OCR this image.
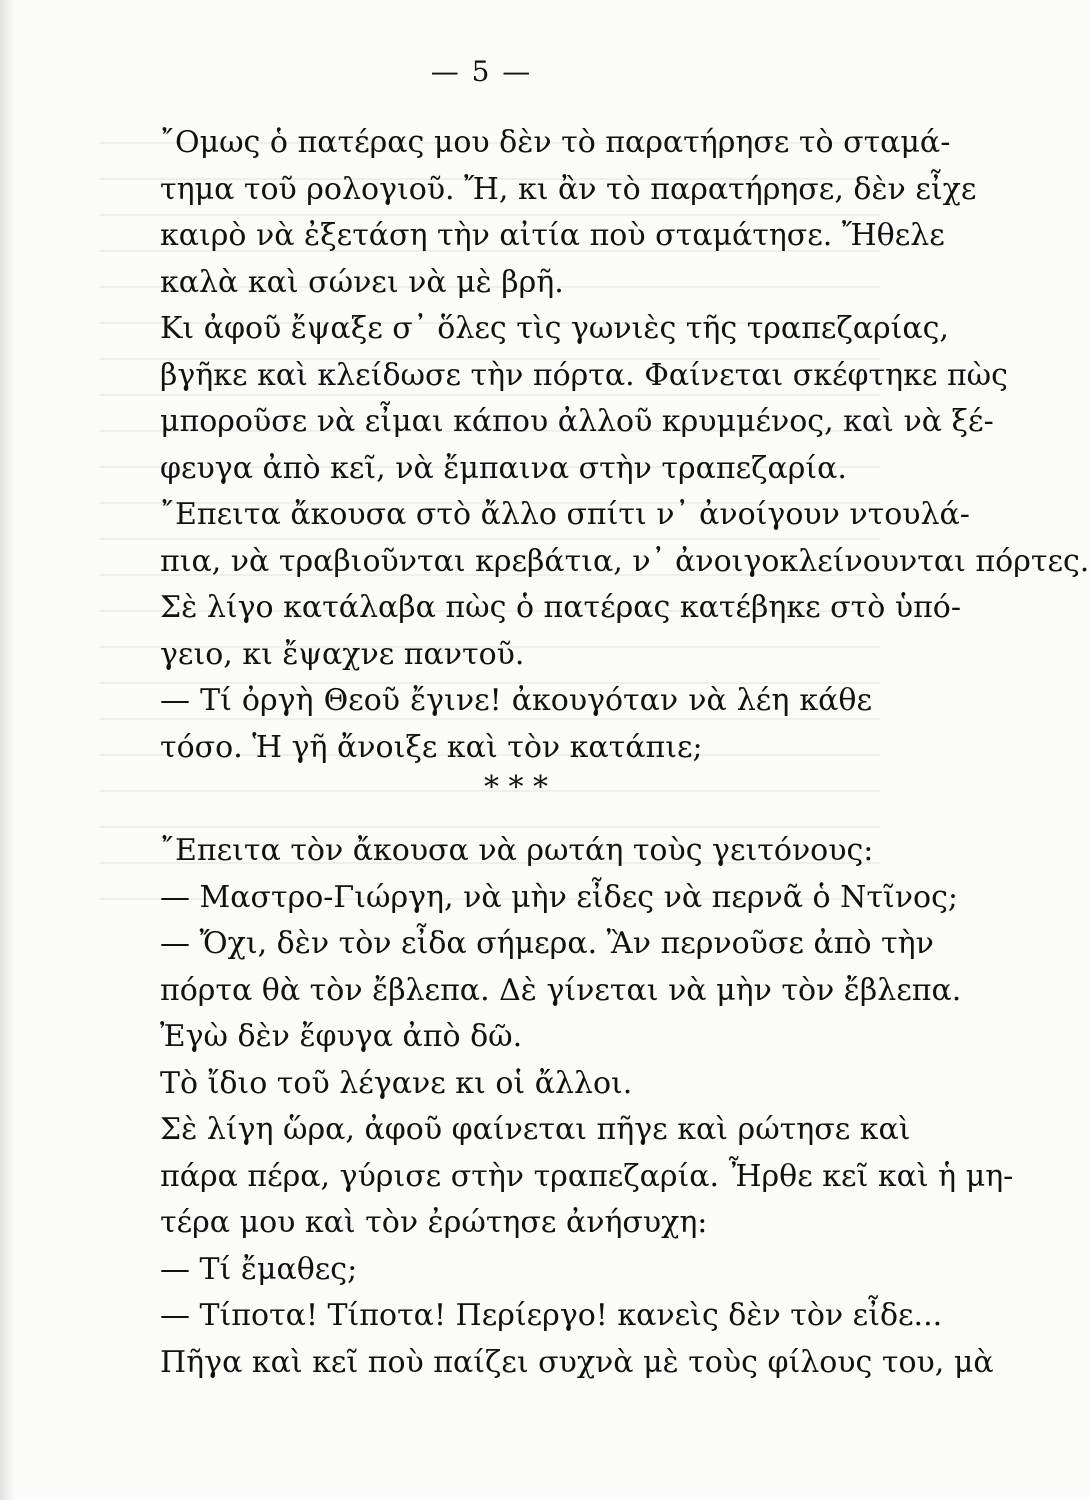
— 5 —
῎Ομως ὁ πατέρας μου δὲν τὸ παρατήρησε τὸ σταμά-
τημα τοῦ ρολογιοῦ. Ἤ, κι ἂν τὸ παρατήρησε, δὲν εἶχε
καιρὸ νὰ ἐξετάση τὴν αἰτία ποὺ σταμάτησε. Ἤθελε
καλὰ καὶ σώνει νὰ μὲ βρῆ.
Κι ἀφοῦ ἔψαξε σ᾿ ὅλες τὶς γωνιὲς τῆς τραπεζαρίας,
βγῆκε καὶ κλείδωσε τὴν πόρτα. Φαίνεται σκέφτηκε πὼς
μποροῦσε νὰ εἶμαι κάπου ἀλλοῦ κρυμμένος, καὶ νὰ ξέ-
φευγα ἀπὸ κεῖ, νὰ ἔμπαινα στὴν τραπεζαρία.
῎Επειτα ἄκουσα στὸ ἄλλο σπίτι ν᾿ ἀνοίγουν ντουλά-
πια, νὰ τραβιοῦνται κρεβάτια, ν᾿ ἀνοιγοκλείνουνται πόρτες.
Σὲ λίγο κατάλαβα πὼς ὁ πατέρας κατέβηκε στὸ ὑπό-
γειο, κι ἔψαχνε παντοῦ.
— Τί ὀργὴ Θεοῦ ἔγινε! ἀκουγόταν νὰ λέη κάθε
τόσο. Ἡ γῆ ἄνοιξε καὶ τὸν κατάπιε;
* * *
῎Επειτα τὸν ἄκουσα νὰ ρωτάη τοὺς γειτόνους:
— Μαστρο-Γιώργη, νὰ μὴν εἶδες νὰ περνᾶ ὁ Ντῖνος;
— Ὄχι, δὲν τὸν εἶδα σήμερα. Ἂν περνοῦσε ἀπὸ τὴν
πόρτα θὰ τὸν ἔβλεπα. Δὲ γίνεται νὰ μὴν τὸν ἔβλεπα.
Ἐγὼ δὲν ἔφυγα ἀπὸ δῶ.
Τὸ ἴδιο τοῦ λέγανε κι οἱ ἄλλοι.
Σὲ λίγη ὥρα, ἀφοῦ φαίνεται πῆγε καὶ ρώτησε καὶ
πάρα πέρα, γύρισε στὴν τραπεζαρία. Ἦρθε κεῖ καὶ ἡ μη-
τέρα μου καὶ τὸν ἐρώτησε ἀνήσυχη:
— Τί ἔμαθες;
— Τίποτα! Τίποτα! Περίεργο! κανεὶς δὲν τὸν εἶδε...
Πῆγα καὶ κεῖ ποὺ παίζει συχνὰ μὲ τοὺς φίλους του, μὰ
